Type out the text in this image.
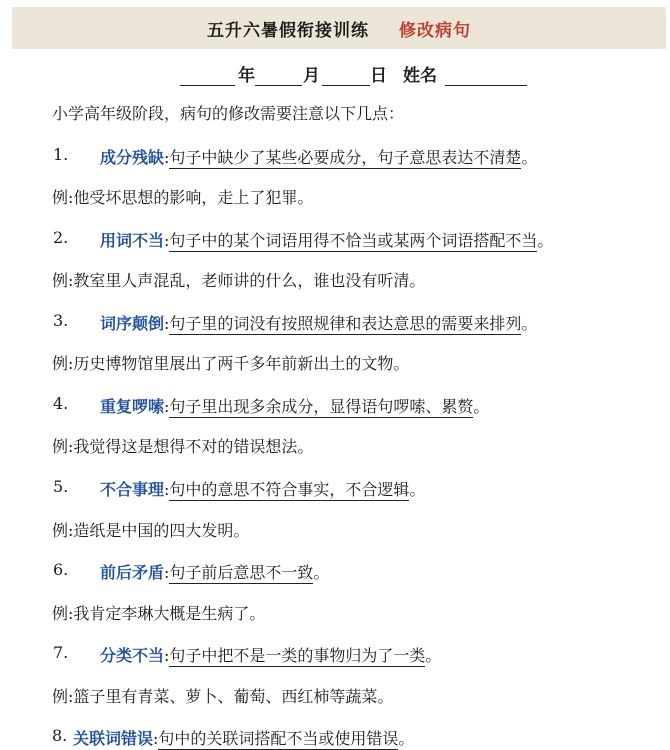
五升六暑假衔接训练 修改病句
年	月	日 姓名
小学高年级阶段，病句的修改需要注意以下几点：
1. 成分残缺:句子中缺少了某些必要成分，句子意思表达不清楚。
例:他受坏思想的影响，走上了犯罪。
2. 用词不当:句子中的某个词语用得不恰当或某两个词语搭配不当。
例:教室里人声混乱，老师讲的什么，谁也没有听清。
3. 词序颠倒:句子里的词没有按照规律和表达意思的需要来排列。
例:历史博物馆里展出了两千多年前新出土的文物。
4. 重复啰嗦:句子里出现多余成分，显得语句啰嗦、累赘。
例:我觉得这是想得不对的错误想法。
5. 不合事理:句中的意思不符合事实，不合逻辑。
例:造纸是中国的四大发明。
6. 前后矛盾:句子前后意思不一致。
例:我肯定李琳大概是生病了。
7. 分类不当:句子中把不是一类的事物归为了一类。
例:篮子里有青菜、萝卜、葡萄、西红柿等蔬菜。
8. 关联词错误:句中的关联词搭配不当或使用错误。
